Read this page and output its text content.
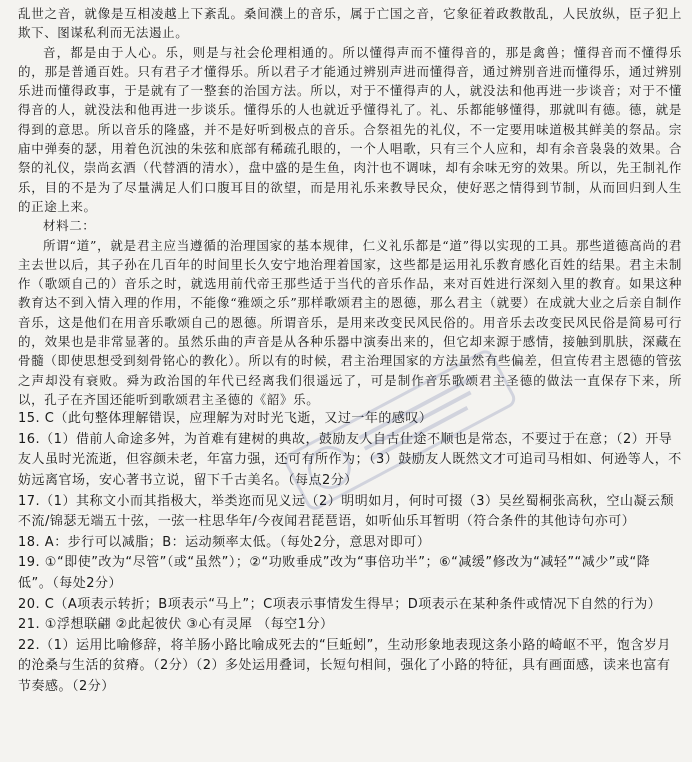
乱世之音，就像是互相凌越上下紊乱。桑间濮上的音乐，属于亡国之音，它象征着政教散乱，人民放纵，臣子犯上欺下、图谋私利而无法遏止。

音，都是由于人心。乐，则是与社会伦理相通的。所以懂得声而不懂得音的，那是禽兽；懂得音而不懂得乐的，那是普通百姓。只有君子才懂得乐。所以君子才能通过辨别声进而懂得音，通过辨别音进而懂得乐，通过辨别乐进而懂得政事，于是就有了一整套的治国方法。所以，对于不懂得声的人，就没法和他再进一步谈音；对于不懂得音的人，就没法和他再进一步谈乐。懂得乐的人也就近乎懂得礼了。礼、乐都能够懂得，那就叫有德。德，就是得到的意思。所以音乐的隆盛，并不是好听到极点的音乐。合祭祖先的礼仪，不一定要用味道极其鲜美的祭品。宗庙中弹奏的瑟，用着色沉浊的朱弦和底部有稀疏孔眼的，一个人唱歌，只有三个人应和，却有余音袅袅的效果。合祭的礼仪，崇尚玄酒（代替酒的清水），盘中盛的是生鱼，肉汁也不调味，却有余味无穷的效果。所以，先王制礼作乐，目的不是为了尽量满足人们口腹耳目的欲望，而是用礼乐来教导民众，使好恶之情得到节制，从而回归到人生的正途上来。

材料二：

所谓“道”，就是君主应当遵循的治理国家的基本规律，仁义礼乐都是“道”得以实现的工具。那些道德高尚的君主去世以后，其子孙在几百年的时间里长久安宁地治理着国家，这些都是运用礼乐教育感化百姓的结果。君主未制作（歌颂自己的）音乐之时，就选用前代帝王那些适于当代的音乐作品，来对百姓进行深刻入里的教育。如果这种教育达不到入情入理的作用，不能像“雅颂之乐”那样歌颂君主的恩德，那么君主（就要）在成就大业之后亲自制作音乐，这是他们在用音乐歌颂自己的恩德。所谓音乐，是用来改变民风民俗的。用音乐去改变民风民俗是简易可行的，效果也是非常显著的。虽然乐曲的声音是从各种乐器中演奏出来的，但它却来源于感情，接触到肌肤，深藏在骨髓（即使思想受到刻骨铭心的教化）。所以有的时候，君主治理国家的方法虽然有些偏差，但宣传君主恩德的管弦之声却没有衰败。舜为政治国的年代已经离我们很遥远了，可是制作音乐歌颂君主圣德的做法一直保存下来，所以，孔子在齐国还能听到歌颂君主圣德的《韶》乐。

15. C（此句整体理解错误，应理解为对时光飞逝，又过一年的感叹）

16.（1）借前人命途多舛，为首难有建树的典故，鼓励友人自古仕途不顺也是常态，不要过于在意；（2）开导友人虽时光流逝，但容颜未老，年富力强，还可有所作为；（3）鼓励友人既然文才可追司马相如、何逊等人，不妨远离官场，安心著书立说，留下千古美名。（每点2分）

17.（1）其称文小而其指极大，举类迩而见义远（2）明明如月，何时可掇（3）吴丝蜀桐张高秋，空山凝云颓不流/锦瑟无端五十弦，一弦一柱思华年/今夜闻君琵琶语，如听仙乐耳暂明（符合条件的其他诗句亦可）

18. A：步行可以减脂；B：运动频率太低。（每处2分，意思对即可）

19. ①“即使”改为“尽管”（或“虽然”）；②“功败垂成”改为“事倍功半”；⑥“减缓”修改为“减轻”“减少”或“降低”。（每处2分）

20. C（A项表示转折；B项表示“马上”；C项表示事情发生得早；D项表示在某种条件或情况下自然的行为）

21. ①浮想联翩 ②此起彼伏 ③心有灵犀 （每空1分）

22.（1）运用比喻修辞，将羊肠小路比喻成死去的“巨蚯蚓”，生动形象地表现这条小路的崎岖不平，饱含岁月的沧桑与生活的贫瘠。（2分）（2）多处运用叠词，长短句相间，强化了小路的特征，具有画面感，读来也富有节奏感。（2分）
